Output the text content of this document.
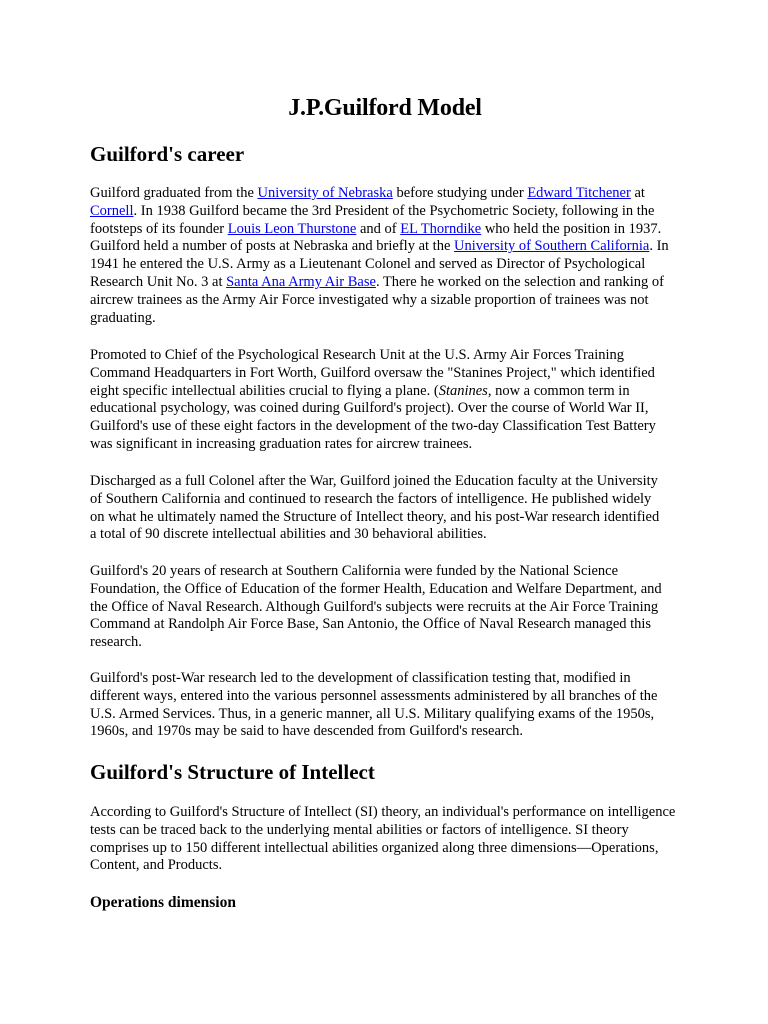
J.P.Guilford Model
Guilford's career

Guilford graduated from the University of Nebraska before studying under Edward Titchener at Cornell. In 1938 Guilford became the 3rd President of the Psychometric Society, following in the footsteps of its founder Louis Leon Thurstone and of EL Thorndike who held the position in 1937. Guilford held a number of posts at Nebraska and briefly at the University of Southern California. In 1941 he entered the U.S. Army as a Lieutenant Colonel and served as Director of Psychological Research Unit No. 3 at Santa Ana Army Air Base. There he worked on the selection and ranking of aircrew trainees as the Army Air Force investigated why a sizable proportion of trainees was not graduating.

Promoted to Chief of the Psychological Research Unit at the U.S. Army Air Forces Training Command Headquarters in Fort Worth, Guilford oversaw the "Stanines Project," which identified eight specific intellectual abilities crucial to flying a plane. (Stanines, now a common term in educational psychology, was coined during Guilford's project). Over the course of World War II, Guilford's use of these eight factors in the development of the two-day Classification Test Battery was significant in increasing graduation rates for aircrew trainees.

Discharged as a full Colonel after the War, Guilford joined the Education faculty at the University of Southern California and continued to research the factors of intelligence. He published widely on what he ultimately named the Structure of Intellect theory, and his post-War research identified a total of 90 discrete intellectual abilities and 30 behavioral abilities.

Guilford's 20 years of research at Southern California were funded by the National Science Foundation, the Office of Education of the former Health, Education and Welfare Department, and the Office of Naval Research. Although Guilford's subjects were recruits at the Air Force Training Command at Randolph Air Force Base, San Antonio, the Office of Naval Research managed this research.

Guilford's post-War research led to the development of classification testing that, modified in different ways, entered into the various personnel assessments administered by all branches of the U.S. Armed Services. Thus, in a generic manner, all U.S. Military qualifying exams of the 1950s, 1960s, and 1970s may be said to have descended from Guilford's research.

Guilford's Structure of Intellect

According to Guilford's Structure of Intellect (SI) theory, an individual's performance on intelligence tests can be traced back to the underlying mental abilities or factors of intelligence. SI theory comprises up to 150 different intellectual abilities organized along three dimensions—Operations, Content, and Products.

Operations dimension
